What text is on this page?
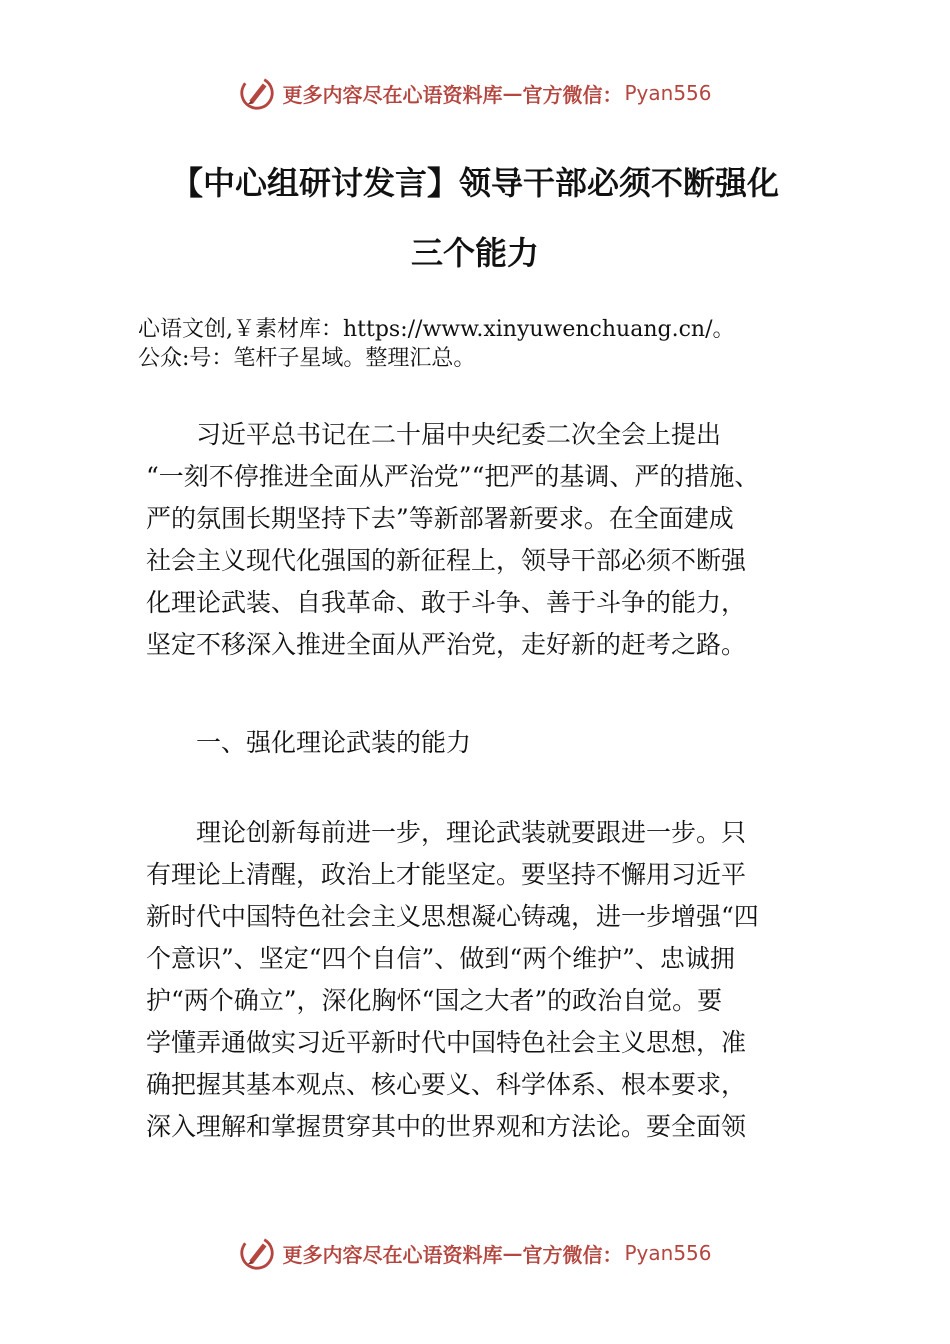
更多内容尽在心语资料库 — 官方微信： Pyan556
【中心组研讨发言】领导干部必须不断强化
三个能力
心语文创,￥素材库：https://www.xinyuwenchuang.cn/。
公众:号：笔杆子星域。整理汇总。
　　习近平总书记在二十届中央纪委二次全会上提出
“一刻不停推进全面从严治党”“把严的基调、严的措施、
严的氛围长期坚持下去”等新部署新要求。在全面建成
社会主义现代化强国的新征程上，领导干部必须不断强
化理论武装、自我革命、敢于斗争、善于斗争的能力，
坚定不移深入推进全面从严治党，走好新的赶考之路。
　　一、强化理论武装的能力
　　理论创新每前进一步，理论武装就要跟进一步。只
有理论上清醒，政治上才能坚定。要坚持不懈用习近平
新时代中国特色社会主义思想凝心铸魂，进一步增强“四
个意识”、坚定“四个自信”、做到“两个维护”、忠诚拥
护“两个确立”，深化胸怀“国之大者”的政治自觉。要
学懂弄通做实习近平新时代中国特色社会主义思想，准
确把握其基本观点、核心要义、科学体系、根本要求，
深入理解和掌握贯穿其中的世界观和方法论。要全面领
更多内容尽在心语资料库 — 官方微信： Pyan556
